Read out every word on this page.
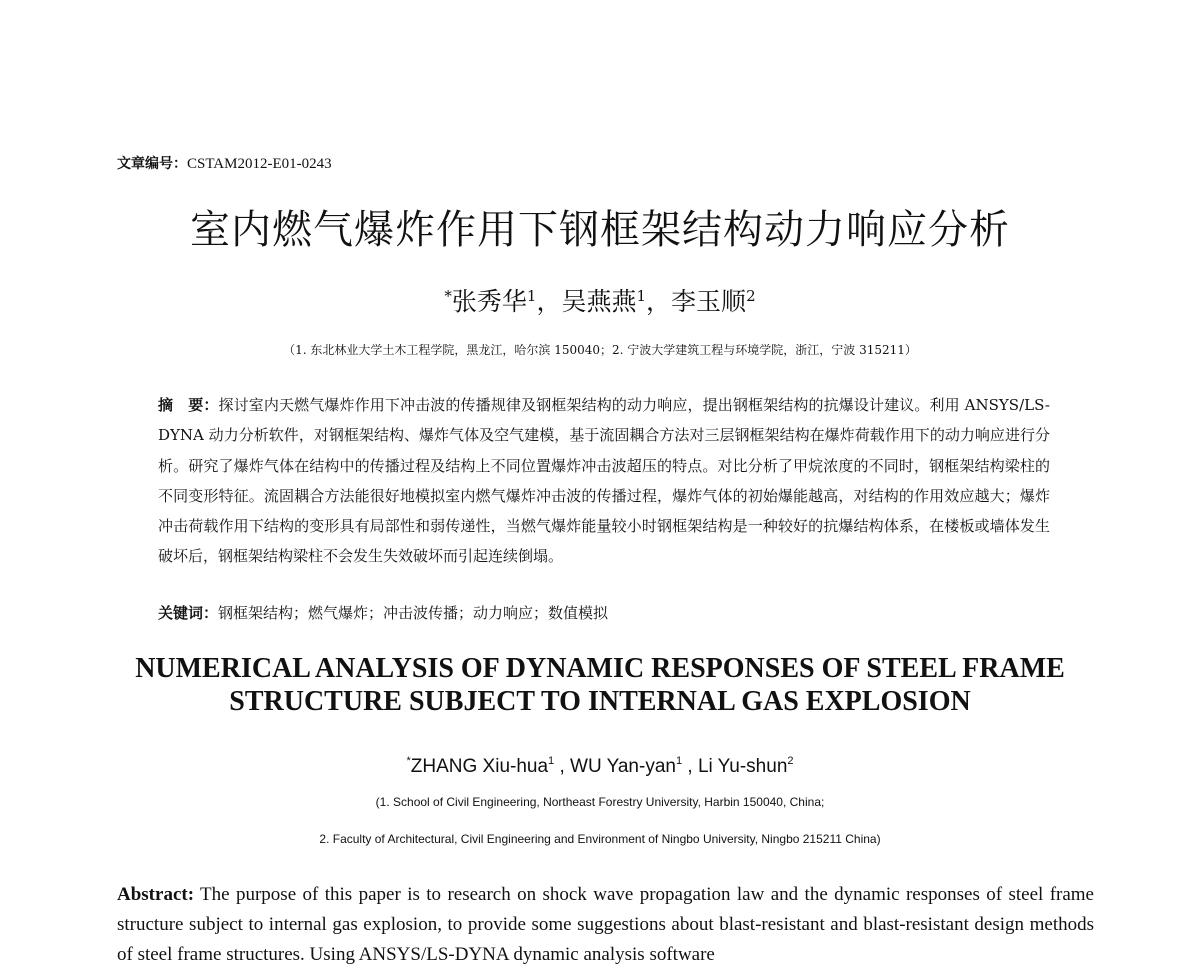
文章编号：CSTAM2012-E01-0243

室内燃气爆炸作用下钢框架结构动力响应分析

*张秀华$^1$，吴燕燕$^1$，李玉顺$^2$

（1. 东北林业大学土木工程学院，黑龙江，哈尔滨 150040；2. 宁波大学建筑工程与环境学院，浙江，宁波 315211）

摘　要：探讨室内天燃气爆炸作用下冲击波的传播规律及钢框架结构的动力响应，提出钢框架结构的抗爆设计建议。利用 ANSYS/LS-DYNA 动力分析软件，对钢框架结构、爆炸气体及空气建模，基于流固耦合方法对三层钢框架结构在爆炸荷载作用下的动力响应进行分析。研究了爆炸气体在结构中的传播过程及结构上不同位置爆炸冲击波超压的特点。对比分析了甲烷浓度的不同时，钢框架结构梁柱的不同变形特征。流固耦合方法能很好地模拟室内燃气爆炸冲击波的传播过程，爆炸气体的初始爆能越高，对结构的作用效应越大；爆炸冲击荷载作用下结构的变形具有局部性和弱传递性，当燃气爆炸能量较小时钢框架结构是一种较好的抗爆结构体系，在楼板或墙体发生破坏后，钢框架结构梁柱不会发生失效破坏而引起连续倒塌。

关键词：钢框架结构；燃气爆炸；冲击波传播；动力响应；数值模拟

NUMERICAL ANALYSIS OF DYNAMIC RESPONSES OF STEEL FRAME
STRUCTURE SUBJECT TO INTERNAL GAS EXPLOSION

*ZHANG Xiu-hua$^1$ , WU Yan-yan$^1$ , Li Yu-shun$^2$

(1. School of Civil Engineering, Northeast Forestry University, Harbin 150040, China;

2. Faculty of Architectural, Civil Engineering and Environment of Ningbo University, Ningbo 215211 China)

Abstract: The purpose of this paper is to research on shock wave propagation law and the dynamic responses of steel frame structure subject to internal gas explosion, to provide some suggestions about blast-resistant and blast-resistant design methods of steel frame structures. Using ANSYS/LS-DYNA dynamic analysis software
